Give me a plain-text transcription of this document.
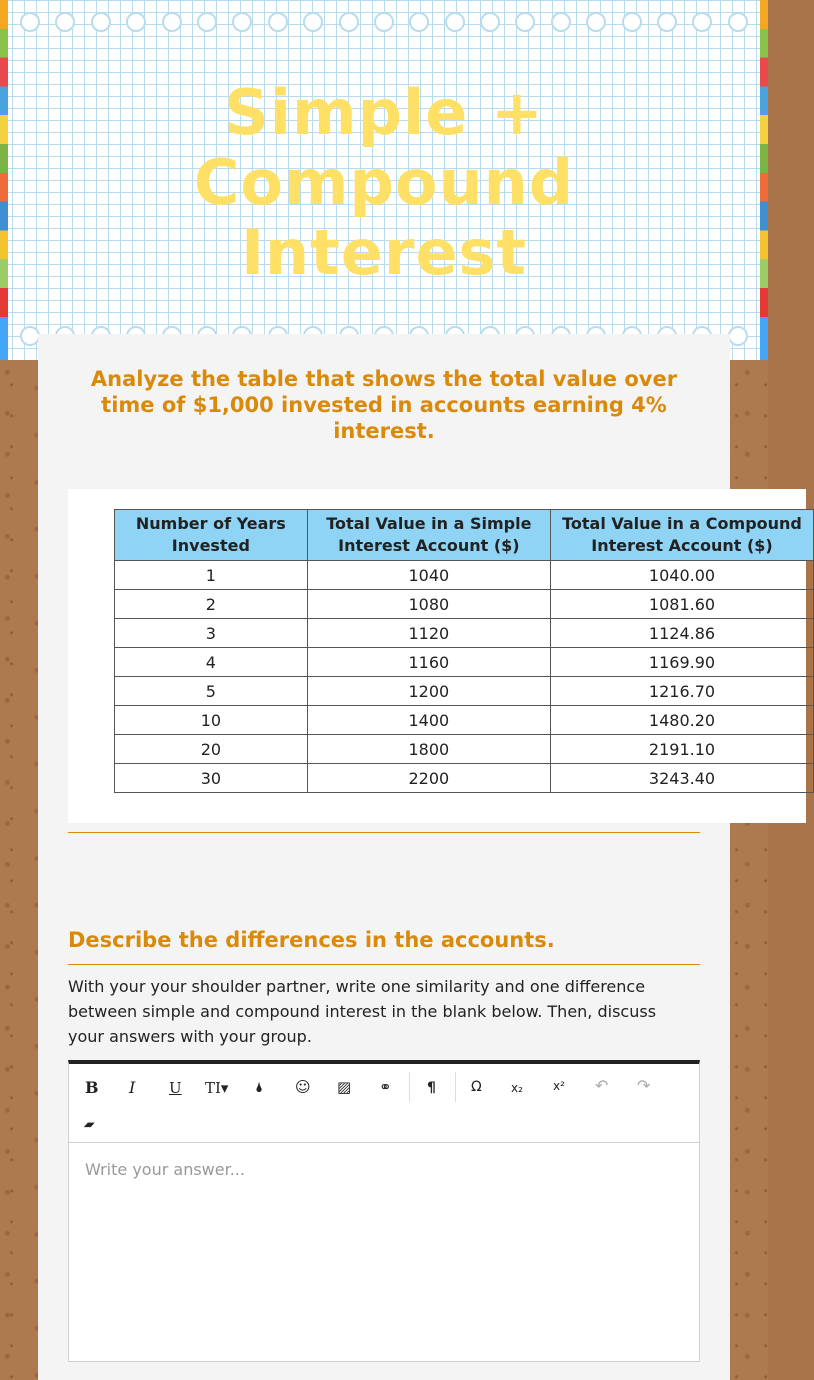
Simple +
Compound
Interest
Analyze the table that shows the total value over time of $1,000 invested in accounts earning 4% interest.
Number of Years Invested	Total Value in a Simple Interest Account ($)	Total Value in a Compound Interest Account ($)

1	1040	1040.00
2	1080	1081.60
3	1120	1124.86
4	1160	1169.90
5	1200	1216.70
10	1400	1480.20
20	1800	2191.10
30	2200	3243.40
Describe the differences in the accounts.
With your your shoulder partner, write one similarity and one difference between simple and compound interest in the blank below. Then, discuss your answers with your group.
B I U TI▾ 🌢 ☺ ▨ ⚭	¶	Ω x₂	x² ↶ ↷
▰
Write your answer...
